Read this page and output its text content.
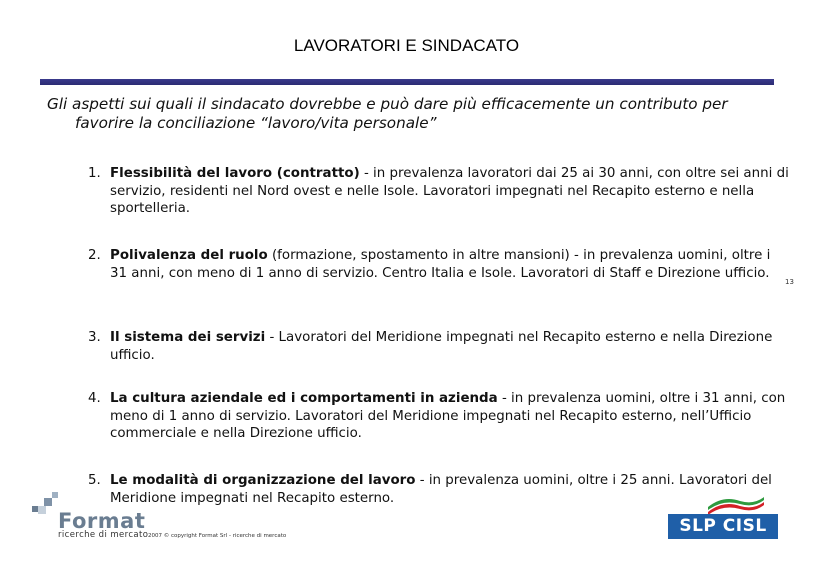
LAVORATORI E SINDACATO
Gli aspetti sui quali il sindacato dovrebbe e può dare più efficacemente un contributo per favorire la conciliazione “lavoro/vita personale”
1. Flessibilità del lavoro (contratto) - in prevalenza lavoratori dai 25 ai 30 anni, con oltre sei anni di servizio, residenti nel Nord ovest e nelle Isole. Lavoratori impegnati nel Recapito esterno e nella sportelleria.
2. Polivalenza del ruolo (formazione, spostamento in altre mansioni) - in prevalenza uomini, oltre i 31 anni, con meno di 1 anno di servizio. Centro Italia e Isole. Lavoratori di Staff e Direzione ufficio.
3. Il sistema dei servizi - Lavoratori del Meridione impegnati nel Recapito esterno e nella Direzione ufficio.
4. La cultura aziendale ed i comportamenti in azienda - in prevalenza uomini, oltre i 31 anni, con meno di 1 anno di servizio. Lavoratori del Meridione impegnati nel Recapito esterno, nell’Ufficio commerciale e nella Direzione ufficio.
5. Le modalità di organizzazione del lavoro - in prevalenza uomini, oltre i 25 anni. Lavoratori del Meridione impegnati nel Recapito esterno.
13
Format
ricerche di mercato 2007 © copyright Format Srl - ricerche di mercato	SLP CISL
